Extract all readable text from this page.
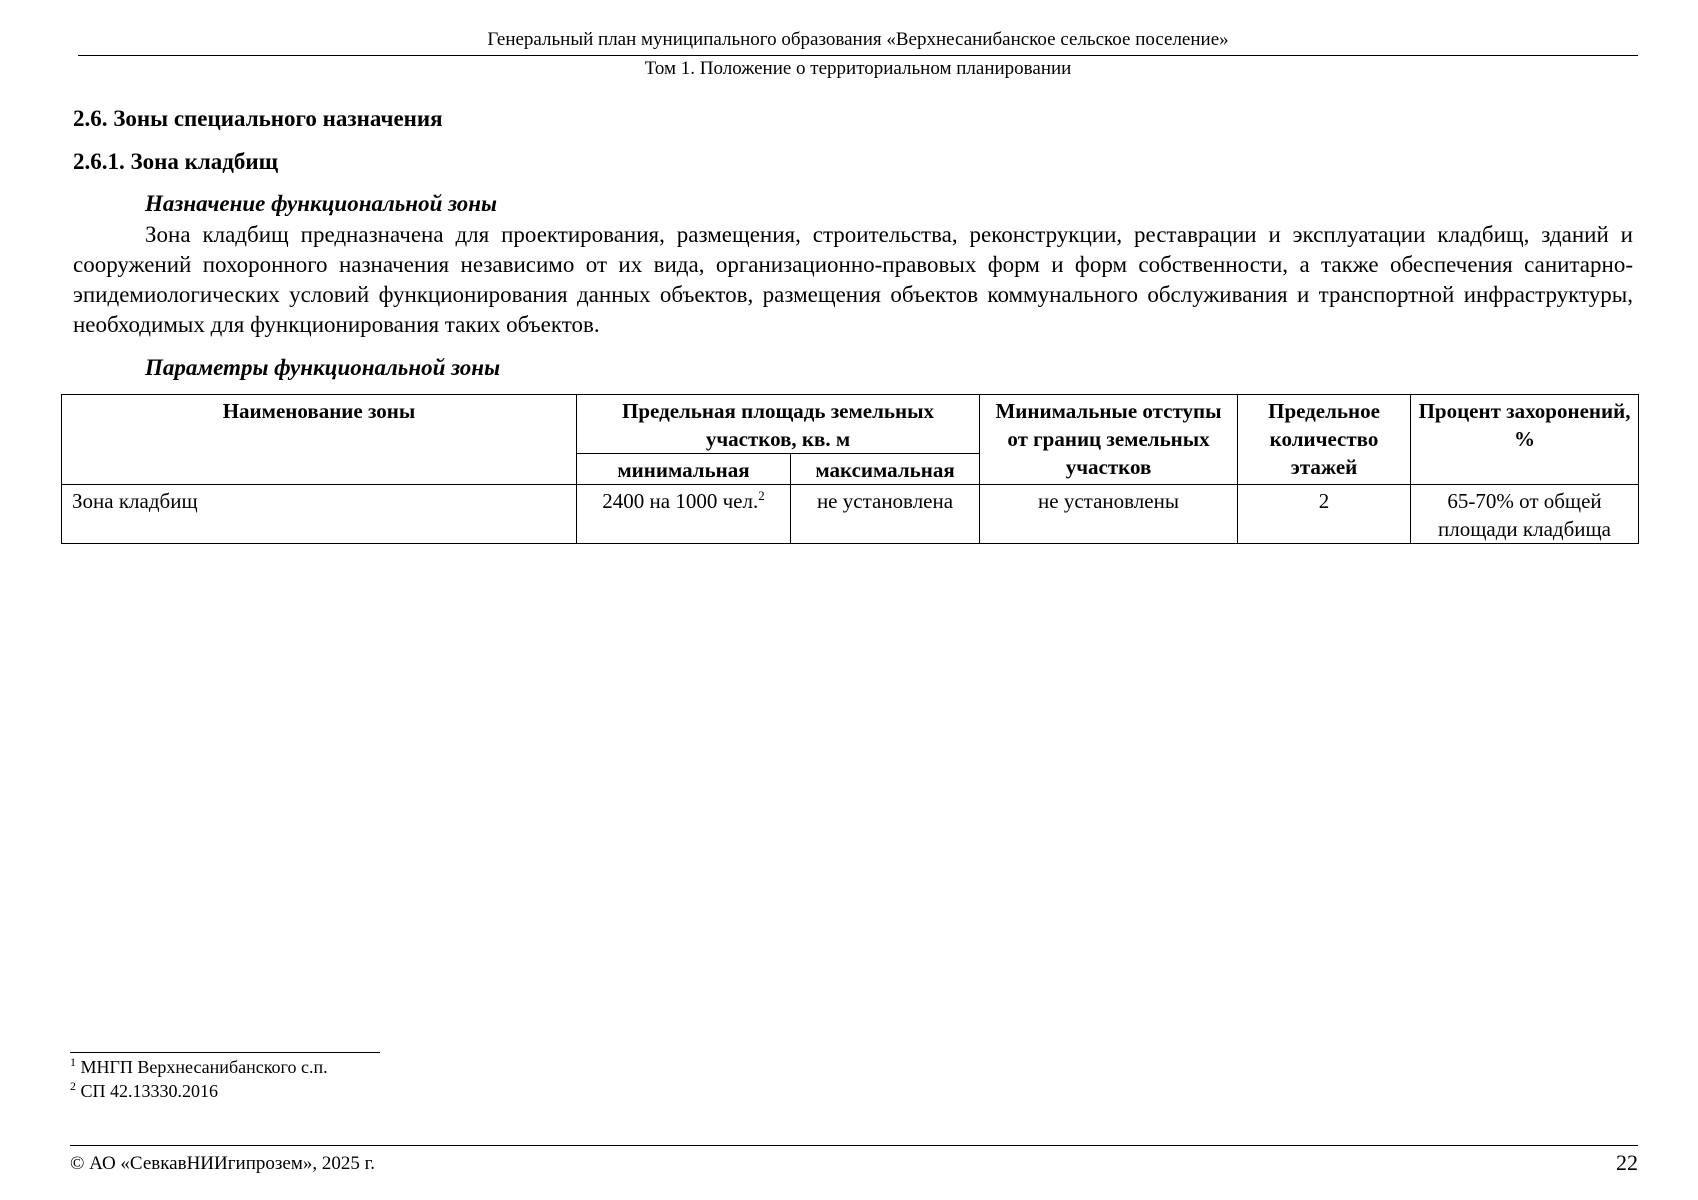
Генеральный план муниципального образования «Верхнесанибанское сельское поселение»
Том 1. Положение о территориальном планировании
2.6. Зоны специального назначения
2.6.1. Зона кладбищ
Назначение функциональной зоны

Зона кладбищ предназначена для проектирования, размещения, строительства, реконструкции, реставрации и эксплуатации кладбищ, зданий и сооружений похоронного назначения независимо от их вида, организационно-правовых форм и форм собственности, а также обеспечения санитарно-эпидемиологических условий функционирования данных объектов, размещения объектов коммунального обслуживания и транспортной инфраструктуры, необходимых для функционирования таких объектов.

Параметры функциональной зоны
Наименование зоны	Предельная площадь земельных участков, кв. м		Минимальные отступы от границ земельных участков	Предельное количество этажей	Процент захоронений, %
	минимальная	максимальная			
Зона кладбищ	2400 на 1000 чел.$^2$	не установлена	не установлены	2	65-70% от общей площади кладбища
$^1$ МНГП Верхнесанибанского с.п.
$^2$ СП 42.13330.2016
© АО «СевкавНИИгипрозем», 2025 г.	22
